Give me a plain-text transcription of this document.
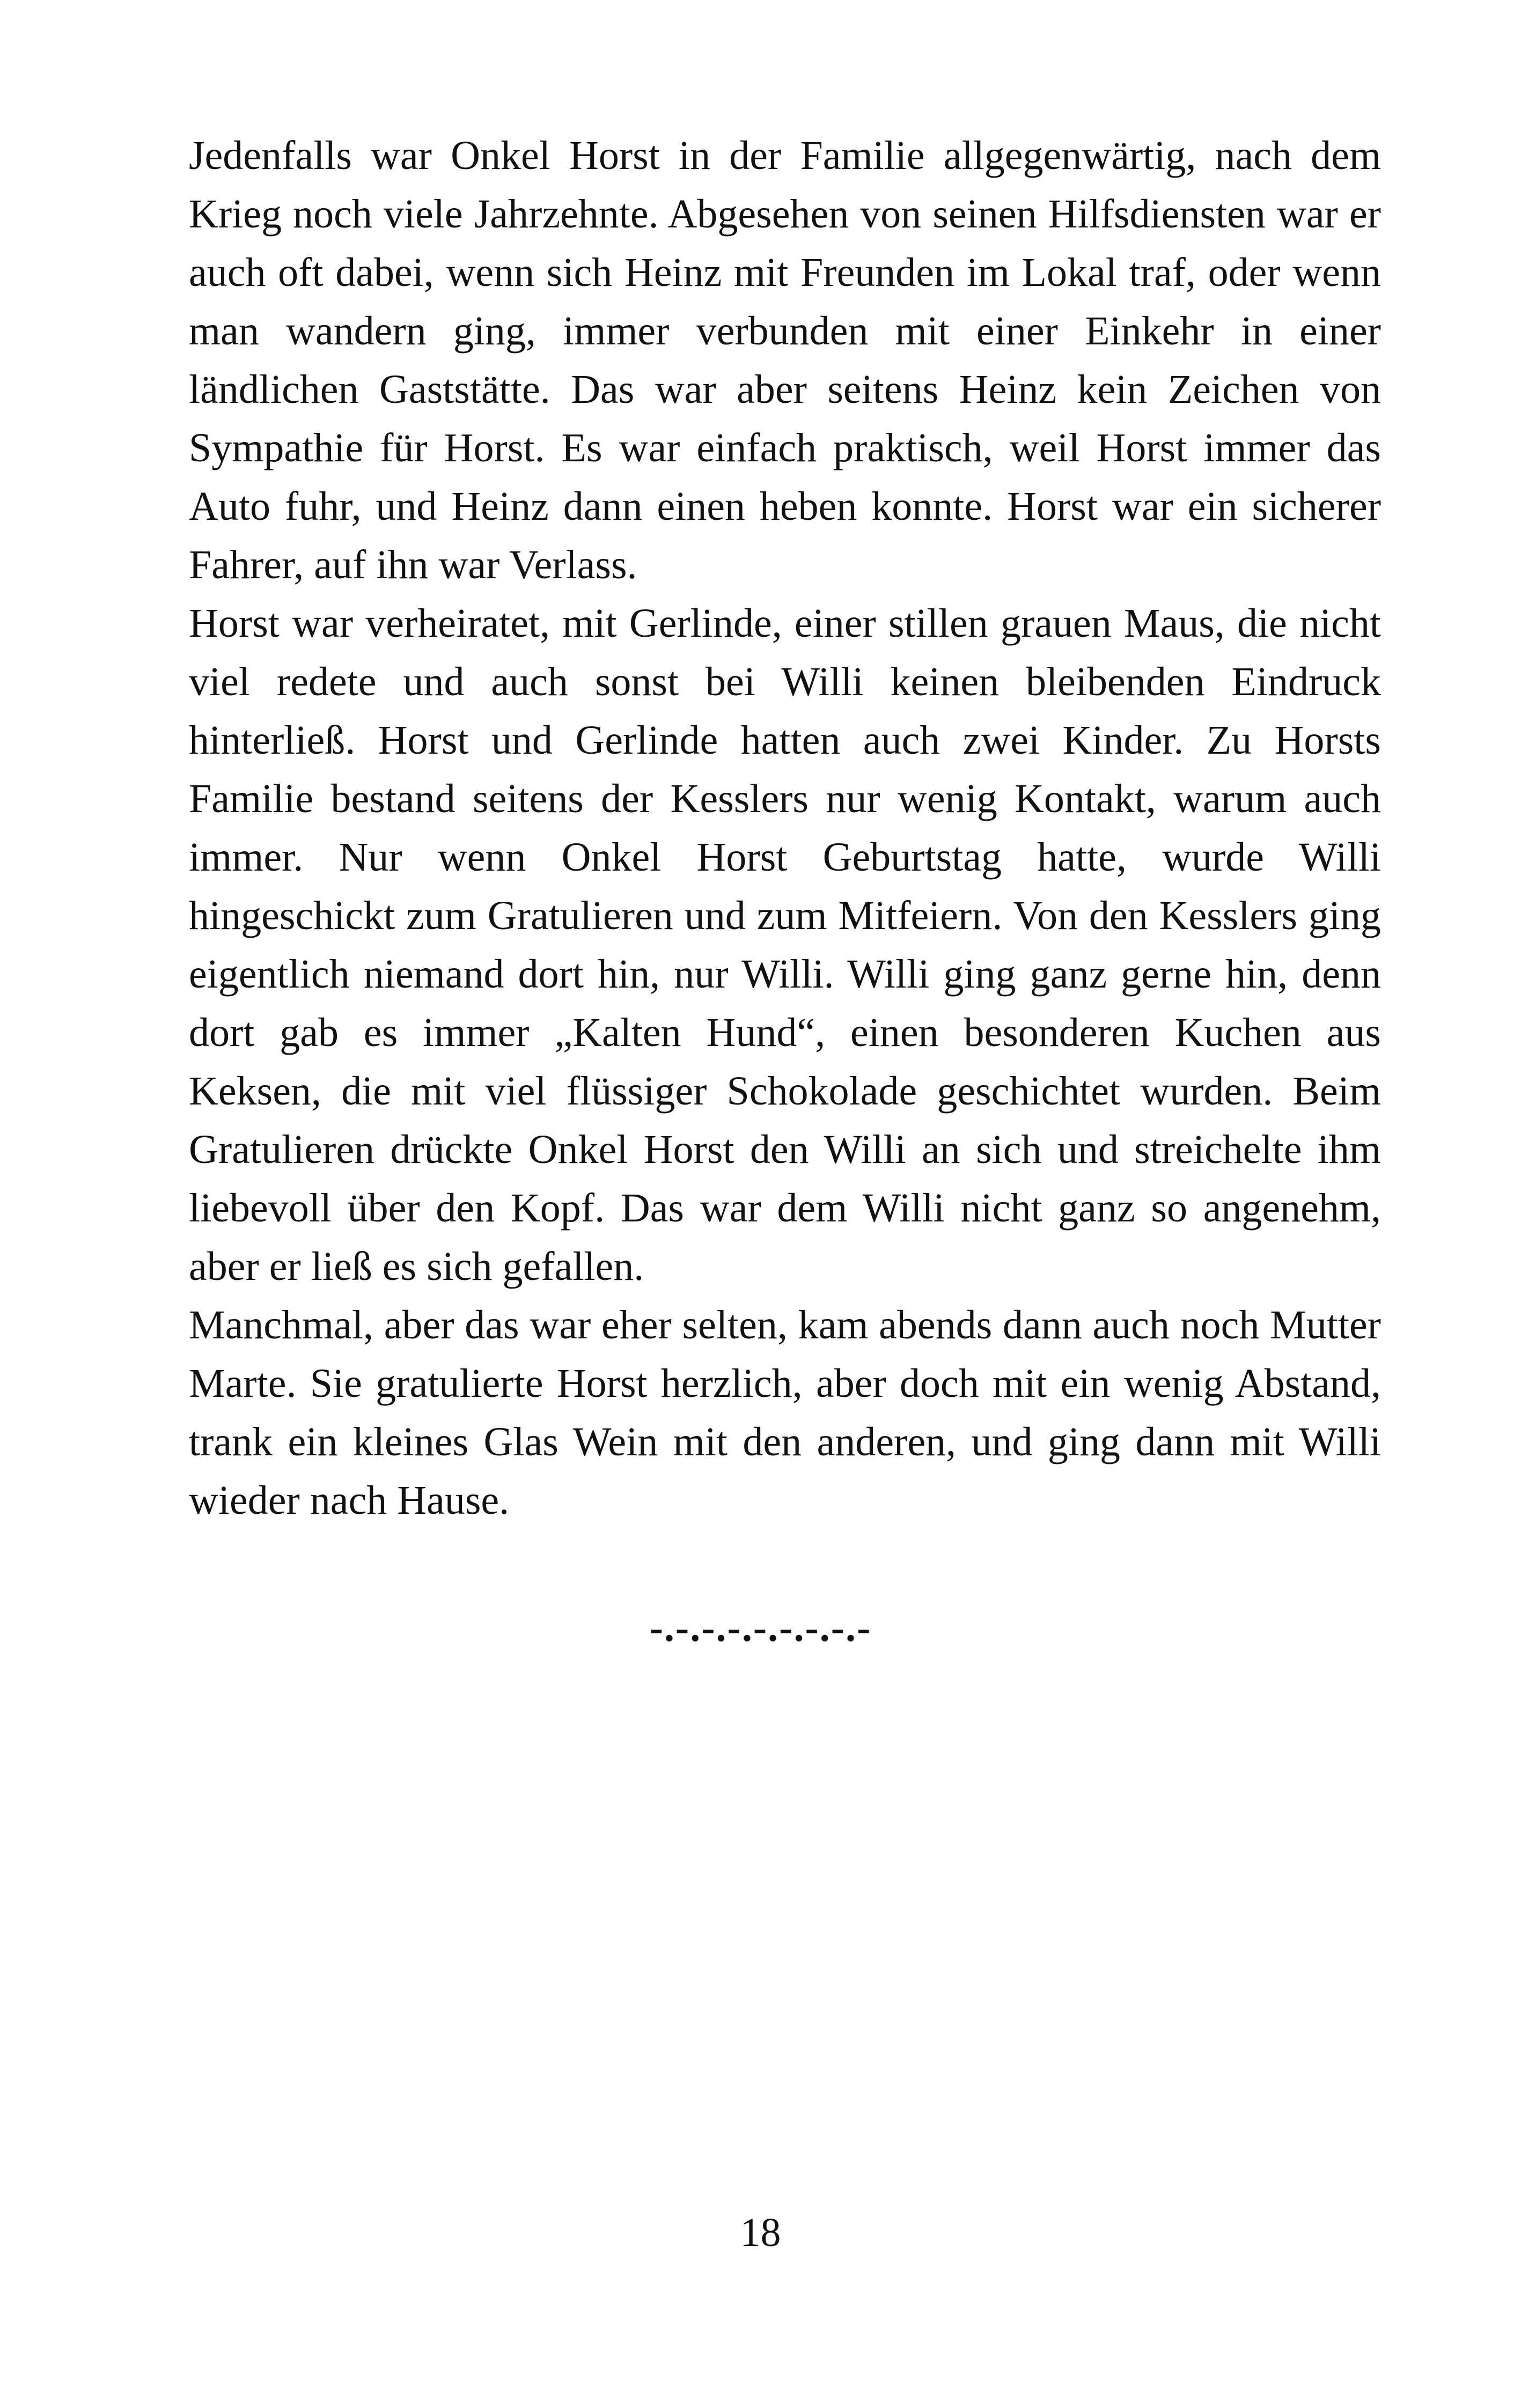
Jedenfalls war Onkel Horst in der Familie allgegenwärtig, nach dem Krieg noch viele Jahrzehnte. Abgesehen von seinen Hilfsdiensten war er auch oft dabei, wenn sich Heinz mit Freunden im Lokal traf, oder wenn man wandern ging, immer verbunden mit einer Einkehr in einer ländlichen Gaststätte. Das war aber seitens Heinz kein Zeichen von Sympathie für Horst. Es war einfach praktisch, weil Horst immer das Auto fuhr, und Heinz dann einen heben konnte. Horst war ein sicherer Fahrer, auf ihn war Verlass.

Horst war verheiratet, mit Gerlinde, einer stillen grauen Maus, die nicht viel redete und auch sonst bei Willi keinen bleibenden Eindruck hinterließ. Horst und Gerlinde hatten auch zwei Kinder. Zu Horsts Familie bestand seitens der Kesslers nur wenig Kontakt, warum auch immer. Nur wenn Onkel Horst Geburtstag hatte, wurde Willi hingeschickt zum Gratulieren und zum Mitfeiern. Von den Kesslers ging eigentlich niemand dort hin, nur Willi. Willi ging ganz gerne hin, denn dort gab es immer „Kalten Hund“, einen besonderen Kuchen aus Keksen, die mit viel flüssiger Schokolade geschichtet wurden. Beim Gratulieren drückte Onkel Horst den Willi an sich und streichelte ihm liebevoll über den Kopf. Das war dem Willi nicht ganz so angenehm, aber er ließ es sich gefallen.

Manchmal, aber das war eher selten, kam abends dann auch noch Mutter Marte. Sie gratulierte Horst herzlich, aber doch mit ein wenig Abstand, trank ein kleines Glas Wein mit den anderen, und ging dann mit Willi wieder nach Hause.

-.-.-.-.-.-.-.-.-
18
